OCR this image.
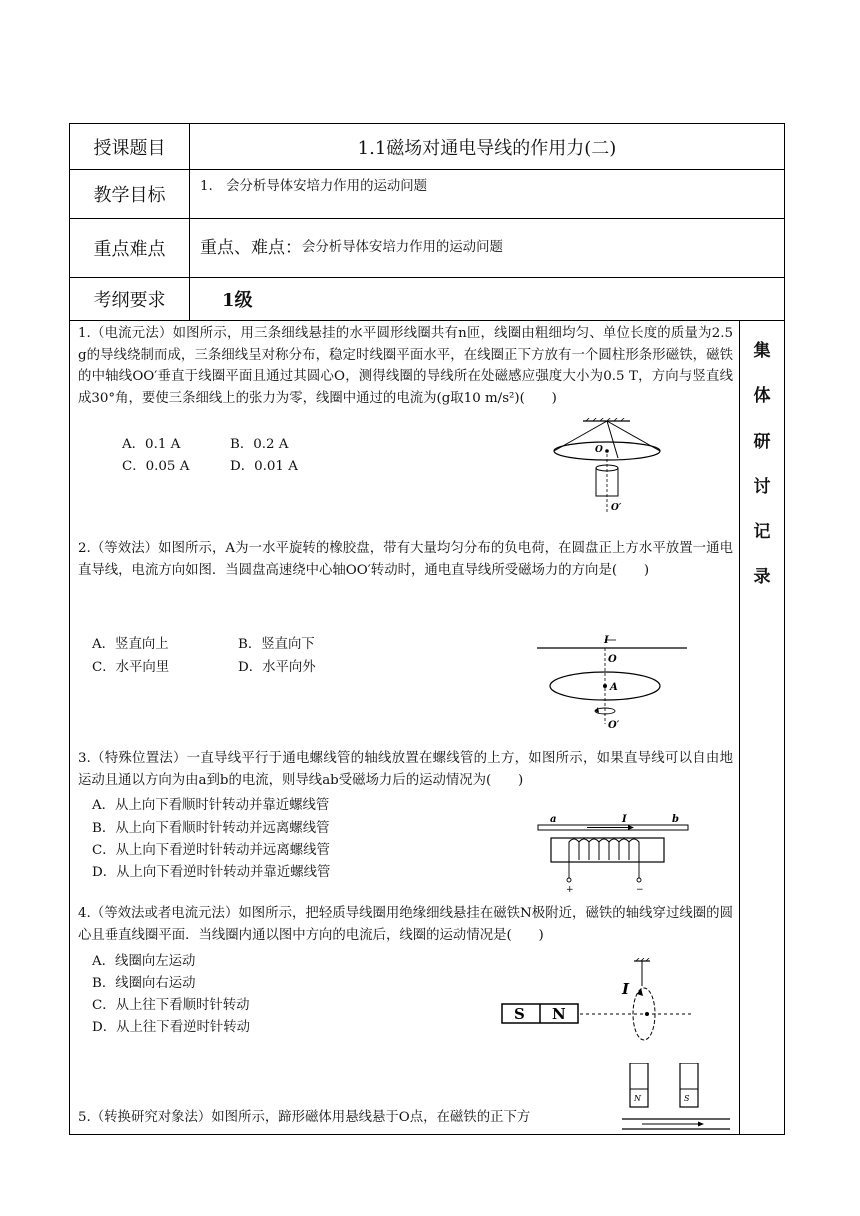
授课题目	1.1磁场对通电导线的作用力(二)
教学目标	1.　会分析导体安培力作用的运动问题
重点难点	重点、难点： 会分析导体安培力作用的运动问题
考纲要求	1级
1.（电流元法）如图所示，用三条细线悬挂的水平圆形线圈共有n匝，线圈由粗细均匀、单位长度的质量为2.5 g的导线绕制而成，三条细线呈对称分布，稳定时线圈平面水平，在线圈正下方放有一个圆柱形条形磁铁，磁铁的中轴线OO′垂直于线圈平面且通过其圆心O，测得线圈的导线所在处磁感应强度大小为0.5 T，方向与竖直线成30°角，要使三条细线上的张力为零，线圈中通过的电流为(g取10 m/s²)(　　)
A．0.1 A	B．0.2 A
C．0.05 A	D．0.01 A
O
O′
2.（等效法）如图所示，A为一水平旋转的橡胶盘，带有大量均匀分布的负电荷，在圆盘正上方水平放置一通电直导线，电流方向如图．当圆盘高速绕中心轴OO′转动时，通电直导线所受磁场力的方向是(　　)
A．竖直向上	B．竖直向下
C．水平向里	D．水平向外
I
O
A
O′
3.（特殊位置法）一直导线平行于通电螺线管的轴线放置在螺线管的上方，如图所示，如果直导线可以自由地运动且通以方向为由a到b的电流，则导线ab受磁场力后的运动情况为(　　)
A．从上向下看顺时针转动并靠近螺线管
B．从上向下看顺时针转动并远离螺线管
C．从上向下看逆时针转动并远离螺线管
D．从上向下看逆时针转动并靠近螺线管
a	I	b
+	−
4.（等效法或者电流元法）如图所示，把轻质导线圈用绝缘细线悬挂在磁铁N极附近，磁铁的轴线穿过线圈的圆心且垂直线圈平面．当线圈内通以图中方向的电流后，线圈的运动情况是(　　)
A．线圈向左运动
B．线圈向右运动
C．从上往下看顺时针转动
D．从上往下看逆时针转动
S N
I
5.（转换研究对象法）如图所示，蹄形磁体用悬线悬于O点，在磁铁的正下方
N	S
集
体
研
讨
记
录
